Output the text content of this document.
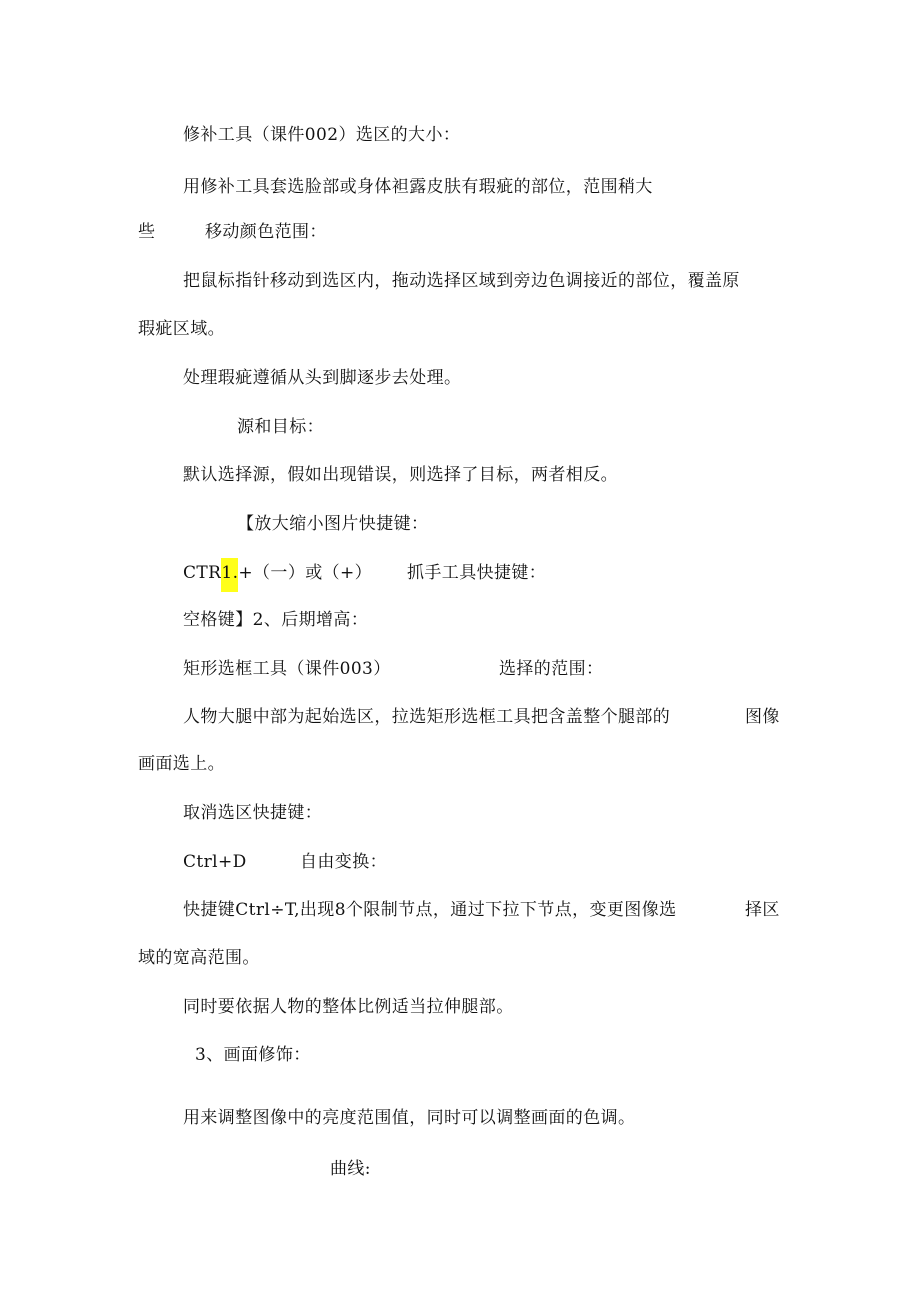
修补工具（课件002）选区的大小：
用修补工具套选脸部或身体袒露皮肤有瑕疵的部位，范围稍大
些	移动颜色范围：
把鼠标指针移动到选区内，拖动选择区域到旁边色调接近的部位，覆盖原
瑕疵区域。
处理瑕疵遵循从头到脚逐步去处理。
源和目标：
默认选择源，假如出现错误，则选择了目标，两者相反。
【放大缩小图片快捷键：
CTR1.+（一）或（+） 抓手工具快捷键：
空格键】2、后期增高：
矩形选框工具（课件003）	选择的范围：
人物大腿中部为起始选区，拉选矩形选框工具把含盖整个腿部的	图像
画面选上。
取消选区快捷键：
Ctrl+D	自由变换：
快捷键Ctrl÷T,出现8个限制节点，通过下拉下节点，变更图像选	择区
域的宽高范围。
同时要依据人物的整体比例适当拉伸腿部。
3、画面修饰：
用来调整图像中的亮度范围值，同时可以调整画面的色调。
曲线:
